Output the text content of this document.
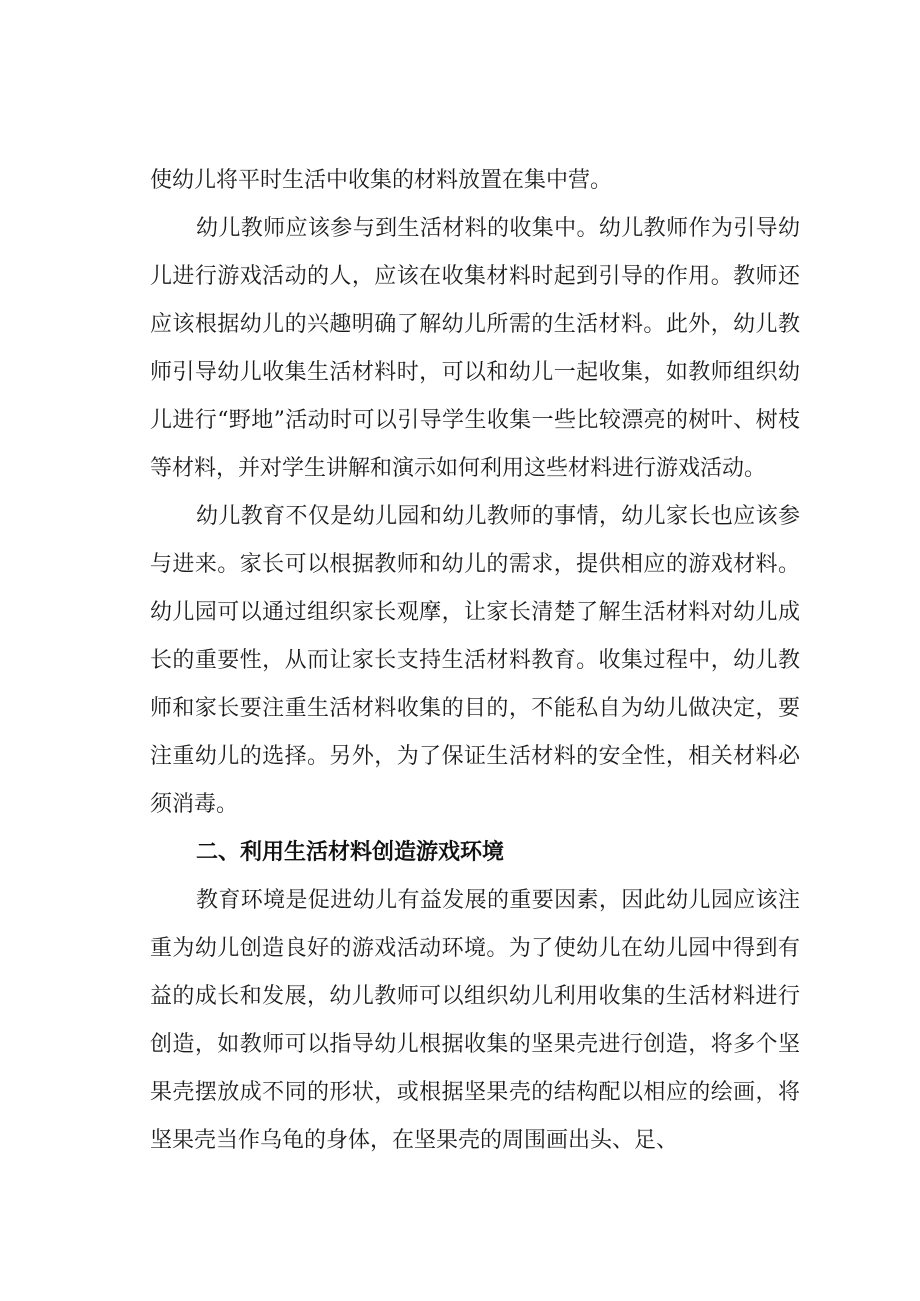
使幼儿将平时生活中收集的材料放置在集中营。

幼儿教师应该参与到生活材料的收集中。幼儿教师作为引导幼儿进行游戏活动的人，应该在收集材料时起到引导的作用。教师还应该根据幼儿的兴趣明确了解幼儿所需的生活材料。此外，幼儿教师引导幼儿收集生活材料时，可以和幼儿一起收集，如教师组织幼儿进行“野地”活动时可以引导学生收集一些比较漂亮的树叶、树枝等材料，并对学生讲解和演示如何利用这些材料进行游戏活动。

幼儿教育不仅是幼儿园和幼儿教师的事情，幼儿家长也应该参与进来。家长可以根据教师和幼儿的需求，提供相应的游戏材料。幼儿园可以通过组织家长观摩，让家长清楚了解生活材料对幼儿成长的重要性，从而让家长支持生活材料教育。收集过程中，幼儿教师和家长要注重生活材料收集的目的，不能私自为幼儿做决定，要注重幼儿的选择。另外，为了保证生活材料的安全性，相关材料必须消毒。

二、利用生活材料创造游戏环境

教育环境是促进幼儿有益发展的重要因素，因此幼儿园应该注重为幼儿创造良好的游戏活动环境。为了使幼儿在幼儿园中得到有益的成长和发展，幼儿教师可以组织幼儿利用收集的生活材料进行创造，如教师可以指导幼儿根据收集的坚果壳进行创造，将多个坚果壳摆放成不同的形状，或根据坚果壳的结构配以相应的绘画，将坚果壳当作乌龟的身体，在坚果壳的周围画出头、足、
